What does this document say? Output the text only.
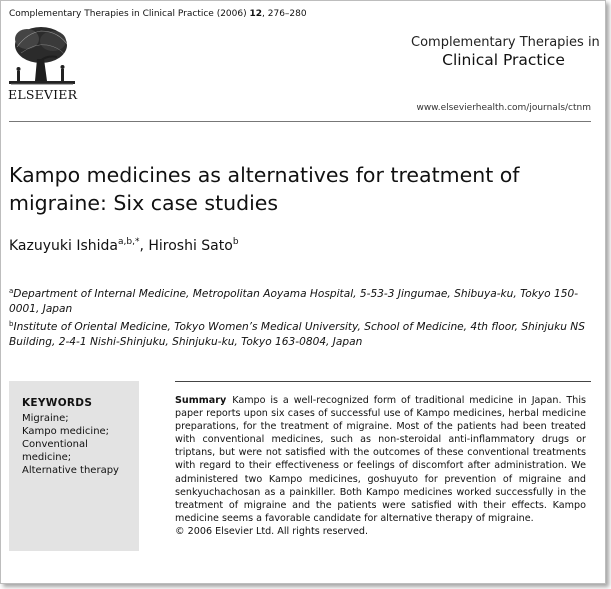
Complementary Therapies in Clinical Practice (2006) 12, 276–280
ELSEVIER
Complementary Therapies in
Clinical Practice
www.elsevierhealth.com/journals/ctnm
Kampo medicines as alternatives for treatment of migraine: Six case studies
Kazuyuki Ishida$^{a,b,*}$, Hiroshi Sato$^b$
$^a$Department of Internal Medicine, Metropolitan Aoyama Hospital, 5-53-3 Jingumae, Shibuya-ku, Tokyo 150-0001, Japan
$^b$Institute of Oriental Medicine, Tokyo Women’s Medical University, School of Medicine, 4th floor, Shinjuku NS Building, 2-4-1 Nishi-Shinjuku, Shinjuku-ku, Tokyo 163-0804, Japan
KEYWORDS
Migraine;
Kampo medicine;
Conventional medicine;
Alternative therapy
Summary Kampo is a well-recognized form of traditional medicine in Japan. This paper reports upon six cases of successful use of Kampo medicines, herbal medicine preparations, for the treatment of migraine. Most of the patients had been treated with conventional medicines, such as non-steroidal anti-inflammatory drugs or triptans, but were not satisfied with the outcomes of these conventional treatments with regard to their effectiveness or feelings of discomfort after administration. We administered two Kampo medicines, goshuyuto for prevention of migraine and senkyuchachosan as a painkiller. Both Kampo medicines worked successfully in the treatment of migraine and the patients were satisfied with their effects. Kampo medicine seems a favorable candidate for alternative therapy of migraine.
© 2006 Elsevier Ltd. All rights reserved.
